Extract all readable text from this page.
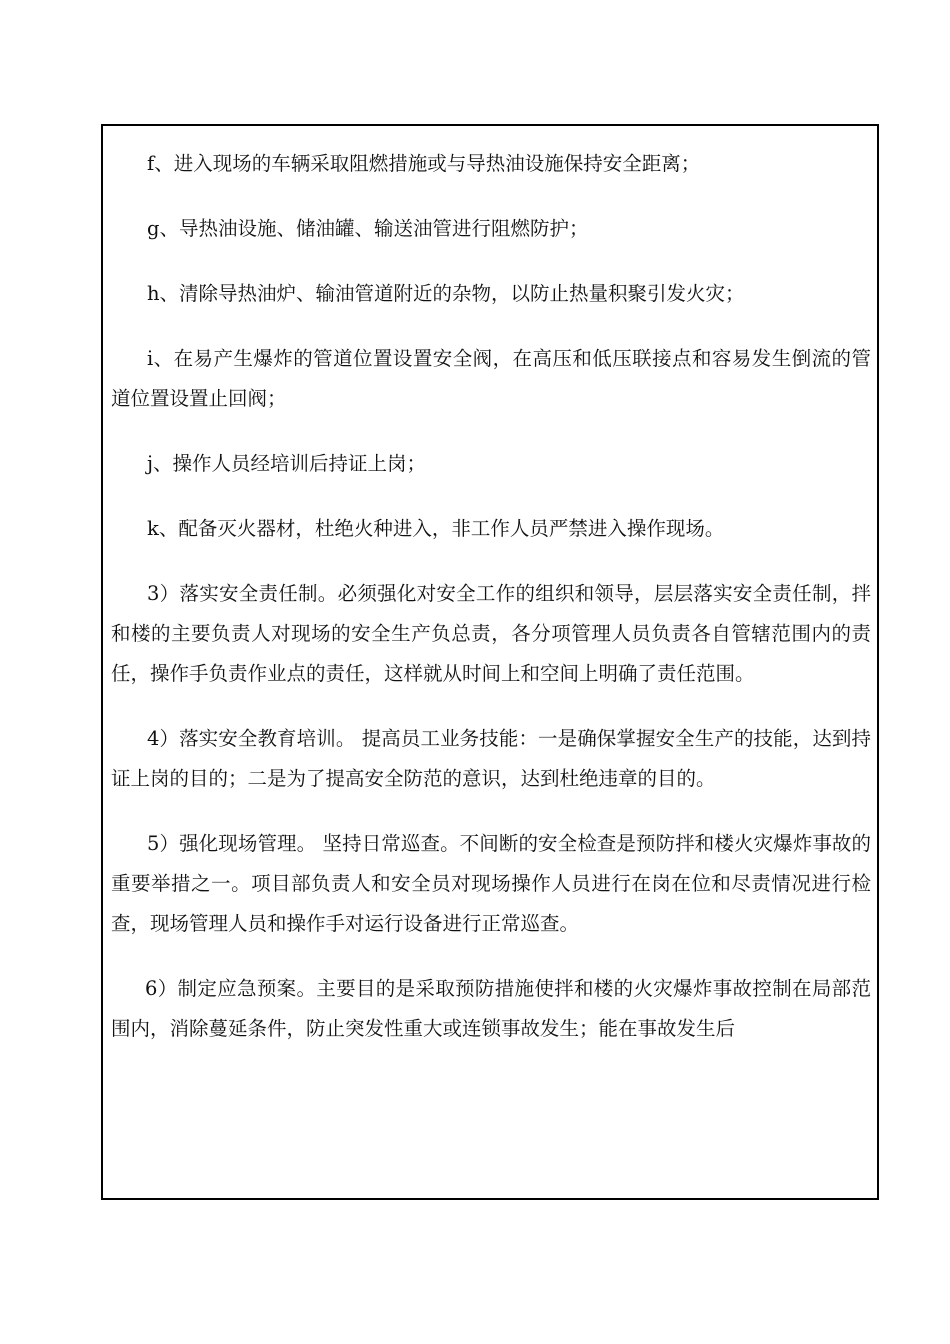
f、进入现场的车辆采取阻燃措施或与导热油设施保持安全距离；

g、导热油设施、储油罐、输送油管进行阻燃防护；

h、清除导热油炉、输油管道附近的杂物，以防止热量积聚引发火灾；

i、在易产生爆炸的管道位置设置安全阀，在高压和低压联接点和容易发生倒流的管道位置设置止回阀；

j、操作人员经培训后持证上岗；

k、配备灭火器材，杜绝火种进入，非工作人员严禁进入操作现场。

3）落实安全责任制。必须强化对安全工作的组织和领导，层层落实安全责任制，拌和楼的主要负责人对现场的安全生产负总责，各分项管理人员负责各自管辖范围内的责任，操作手负责作业点的责任，这样就从时间上和空间上明确了责任范围。

4）落实安全教育培训。 提高员工业务技能：一是确保掌握安全生产的技能，达到持证上岗的目的；二是为了提高安全防范的意识，达到杜绝违章的目的。

5）强化现场管理。 坚持日常巡查。不间断的安全检查是预防拌和楼火灾爆炸事故的重要举措之一。项目部负责人和安全员对现场操作人员进行在岗在位和尽责情况进行检查，现场管理人员和操作手对运行设备进行正常巡查。

6）制定应急预案。主要目的是采取预防措施使拌和楼的火灾爆炸事故控制在局部范围内，消除蔓延条件，防止突发性重大或连锁事故发生；能在事故发生后
